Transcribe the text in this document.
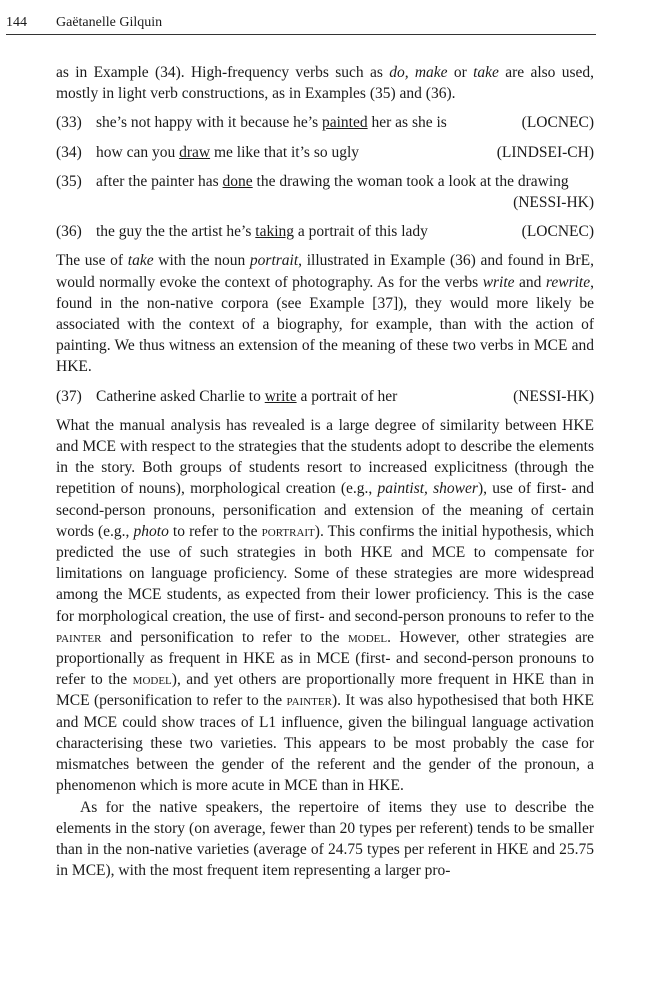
144 Gaëtanelle Gilquin

as in Example (34). High-frequency verbs such as do, make or take are also used, mostly in light verb constructions, as in Examples (35) and (36).

(33) she’s not happy with it because he’s painted her as she is	(LOCNEC)
(34) how can you draw me like that it’s so ugly	(LINDSEI-CH)
(35) after the painter has done the drawing the woman took a look at the drawing
(NESSI-HK)
(36) the guy the the artist he’s taking a portrait of this lady	(LOCNEC)

The use of take with the noun portrait, illustrated in Example (36) and found in BrE, would normally evoke the context of photography. As for the verbs write and rewrite, found in the non-native corpora (see Example [37]), they would more likely be associated with the context of a biography, for example, than with the action of painting. We thus witness an extension of the meaning of these two verbs in MCE and HKE.

(37) Catherine asked Charlie to write a portrait of her	(NESSI-HK)

What the manual analysis has revealed is a large degree of similarity between HKE and MCE with respect to the strategies that the students adopt to describe the elements in the story. Both groups of students resort to increased explicitness (through the repetition of nouns), morphological creation (e.g., paintist, shower), use of first- and second-person pronouns, personification and extension of the meaning of certain words (e.g., photo to refer to the portrait). This confirms the initial hypothesis, which predicted the use of such strategies in both HKE and MCE to compensate for limitations on language proficiency. Some of these strategies are more widespread among the MCE students, as expected from their lower proficiency. This is the case for morphological creation, the use of first- and second-person pronouns to refer to the painter and personification to refer to the model. However, other strategies are proportionally as frequent in HKE as in MCE (first- and second-person pronouns to refer to the model), and yet others are proportionally more frequent in HKE than in MCE (personification to refer to the painter). It was also hypothesised that both HKE and MCE could show traces of L1 influence, given the bilingual language activation characterising these two varieties. This appears to be most probably the case for mismatches between the gender of the referent and the gender of the pronoun, a phenomenon which is more acute in MCE than in HKE.

As for the native speakers, the repertoire of items they use to describe the elements in the story (on average, fewer than 20 types per referent) tends to be smaller than in the non-native varieties (average of 24.75 types per referent in HKE and 25.75 in MCE), with the most frequent item representing a larger pro-
